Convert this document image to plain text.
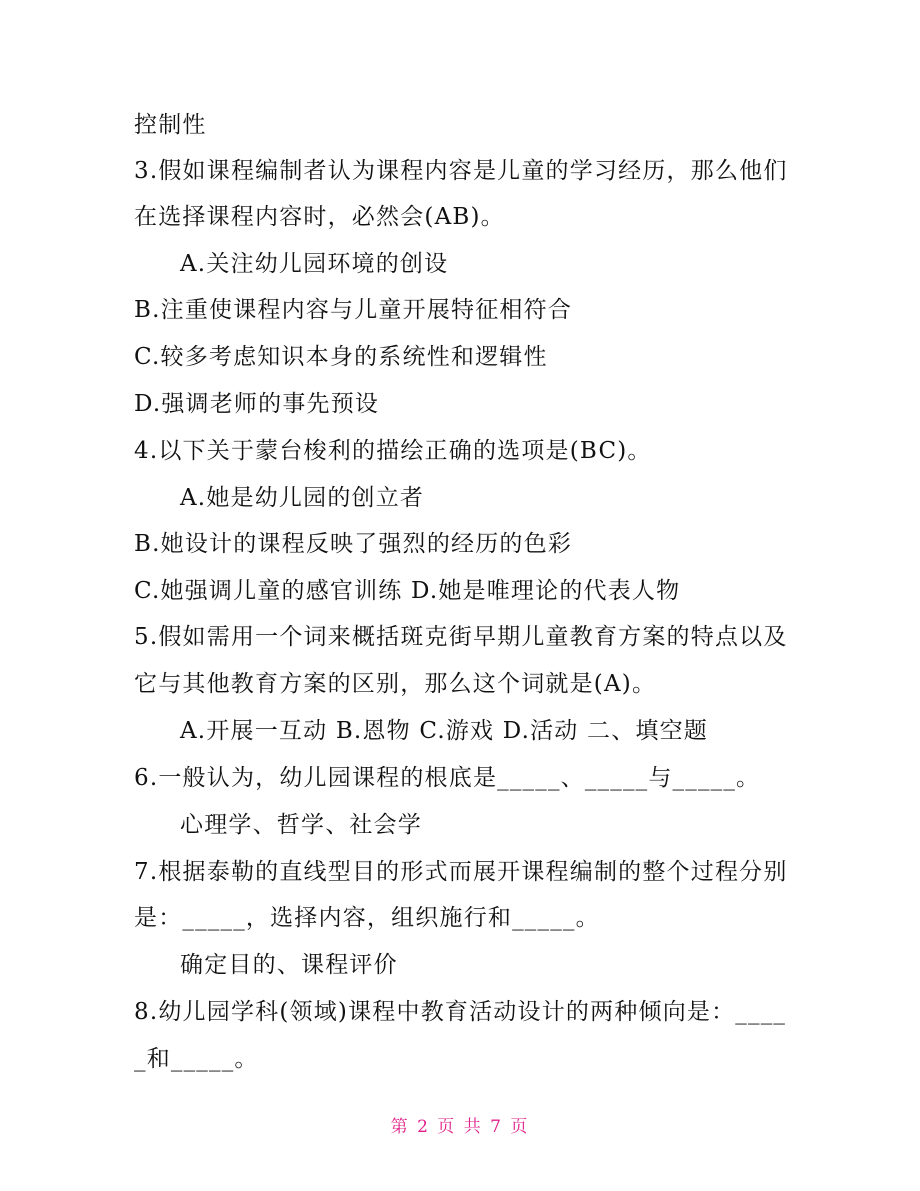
控制性
3.假如课程编制者认为课程内容是儿童的学习经历，那么他们
在选择课程内容时，必然会(AB)。
A.关注幼儿园环境的创设
B.注重使课程内容与儿童开展特征相符合
C.较多考虑知识本身的系统性和逻辑性
D.强调老师的事先预设
4.以下关于蒙台梭利的描绘正确的选项是(BC)。
A.她是幼儿园的创立者
B.她设计的课程反映了强烈的经历的色彩
C.她强调儿童的感官训练 D.她是唯理论的代表人物
5.假如需用一个词来概括斑克街早期儿童教育方案的特点以及
它与其他教育方案的区别，那么这个词就是(A)。
A.开展一互动 B.恩物 C.游戏 D.活动 二、填空题
6.一般认为，幼儿园课程的根底是_____、_____与_____。
心理学、哲学、社会学
7.根据泰勒的直线型目的形式而展开课程编制的整个过程分别
是：_____，选择内容，组织施行和_____。
确定目的、课程评价
8.幼儿园学科(领域)课程中教育活动设计的两种倾向是：____
_和_____。
第 2 页 共 7 页
